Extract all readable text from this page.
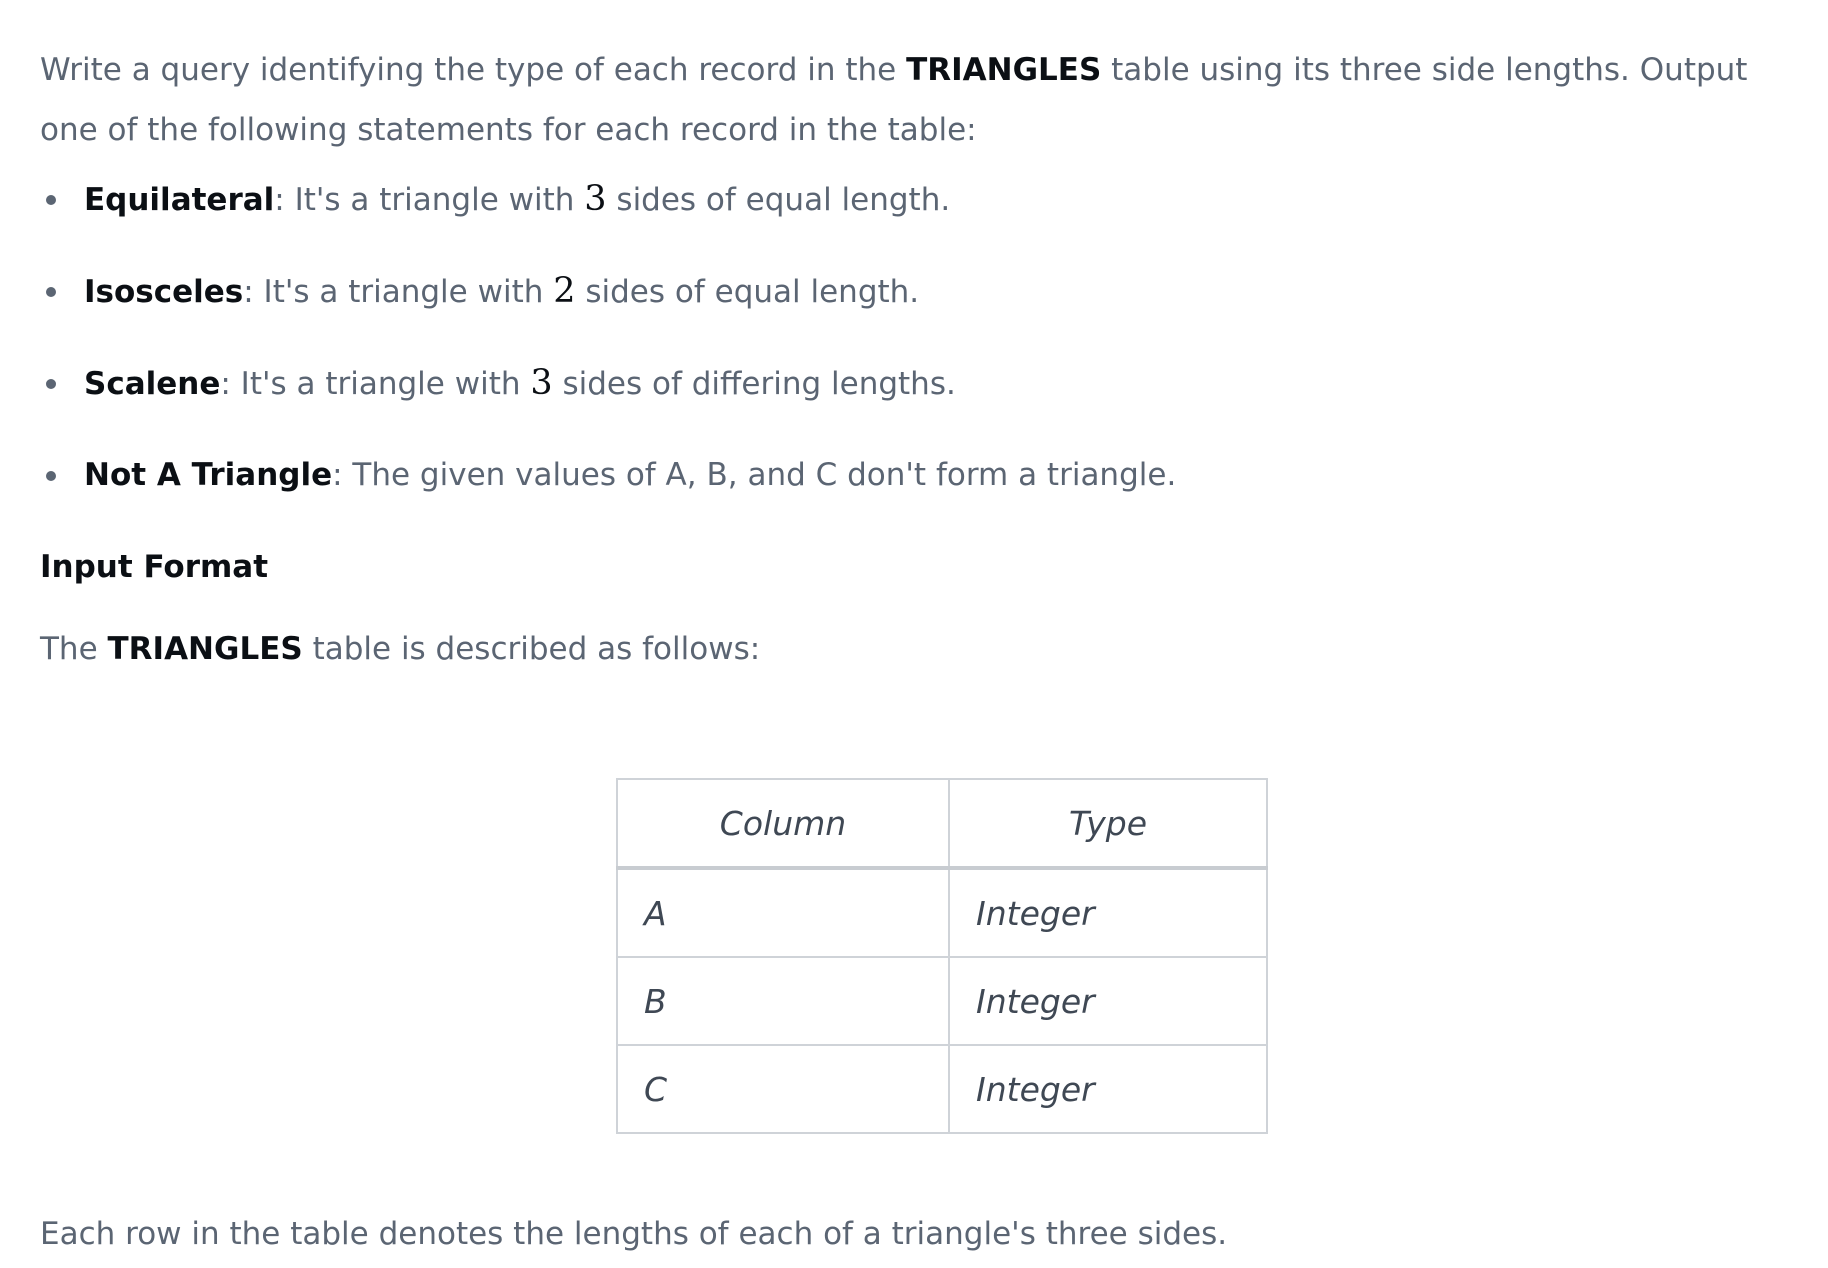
Write a query identifying the type of each record in the TRIANGLES table using its three side lengths. Output one of the following statements for each record in the table:

Equilateral: It's a triangle with 3 sides of equal length.
Isosceles: It's a triangle with 2 sides of equal length.
Scalene: It's a triangle with 3 sides of differing lengths.
Not A Triangle: The given values of A, B, and C don't form a triangle.
Input Format

The TRIANGLES table is described as follows:

Column	Type
A	Integer
B	Integer
C	Integer
Each row in the table denotes the lengths of each of a triangle's three sides.
